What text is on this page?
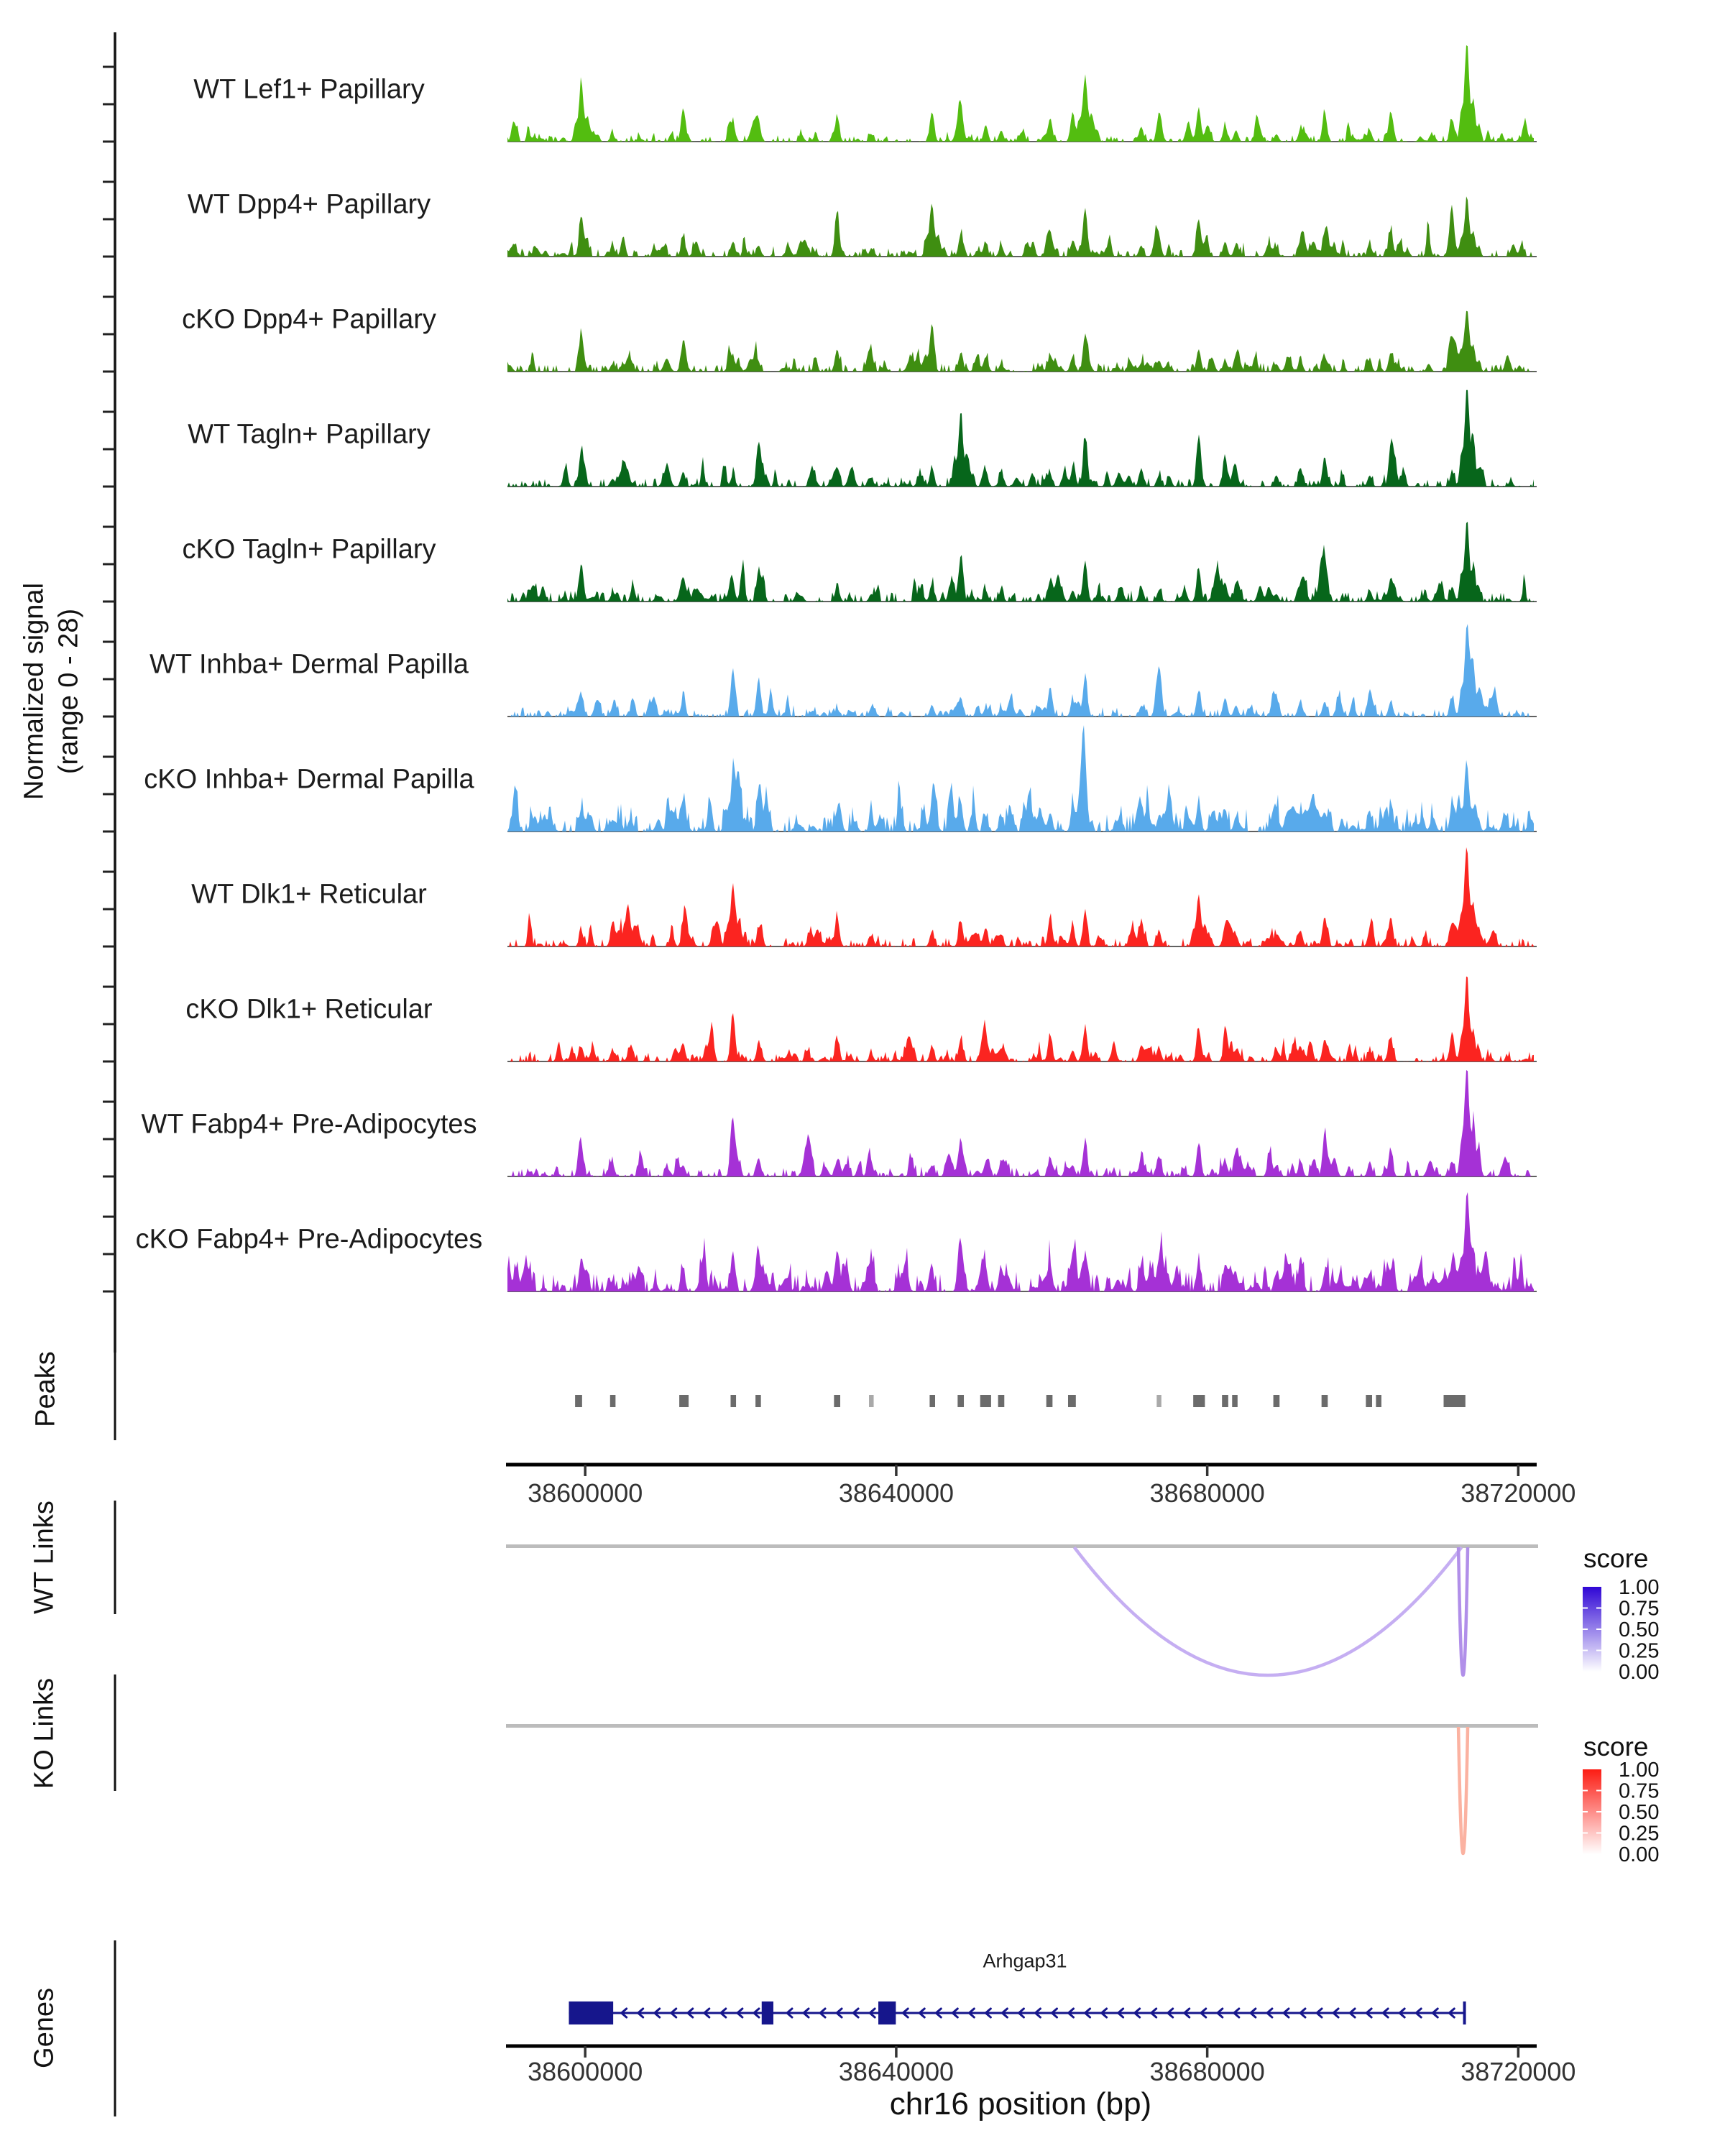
38600000	38640000	38680000	38720000
38600000	38640000	38680000	38720000
1.00
0.75
0.50
0.25
0.00
1.00
0.75
0.50
0.25
0.00
Normalized signal (range 0 - 28)
Peaks
WT Links
KO Links
Genes
score
score
Arhgap31
chr16 position (bp)
WT Lef1+ Papillary
WT Dpp4+ Papillary
cKO Dpp4+ Papillary
WT Tagln+ Papillary
cKO Tagln+ Papillary
WT Inhba+ Dermal Papilla
cKO Inhba+ Dermal Papilla
WT Dlk1+ Reticular
cKO Dlk1+ Reticular
WT Fabp4+ Pre-Adipocytes
cKO Fabp4+ Pre-Adipocytes
